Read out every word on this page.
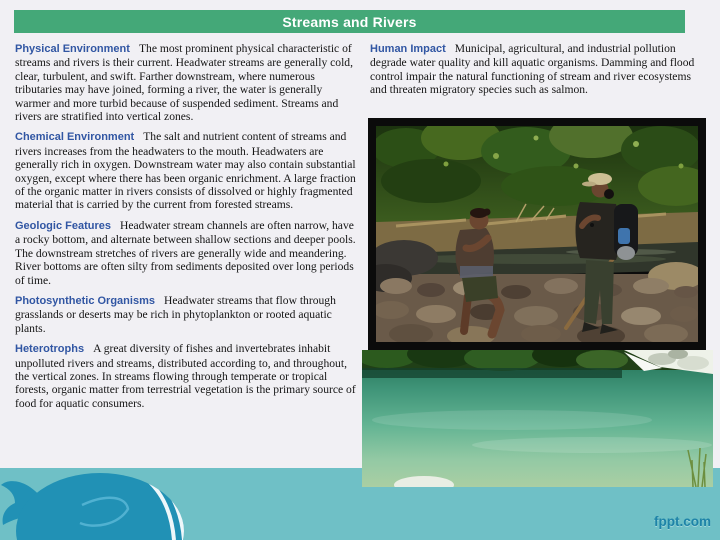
Streams and Rivers

Physical Environment The most prominent physical characteristic of streams and rivers is their current. Headwater streams are generally cold, clear, turbulent, and swift. Farther downstream, where numerous tributaries may have joined, forming a river, the water is generally warmer and more turbid because of suspended sediment. Streams and rivers are stratified into vertical zones.

Chemical Environment The salt and nutrient content of streams and rivers increases from the headwaters to the mouth. Headwaters are generally rich in oxygen. Downstream water may also contain substantial oxygen, except where there has been organic enrichment. A large fraction of the organic matter in rivers consists of dissolved or highly fragmented material that is carried by the current from forested streams.

Geologic Features Headwater stream channels are often narrow, have a rocky bottom, and alternate between shallow sections and deeper pools. The downstream stretches of rivers are generally wide and meandering. River bottoms are often silty from sediments deposited over long periods of time.

Photosynthetic Organisms Headwater streams that flow through grasslands or deserts may be rich in phytoplankton or rooted aquatic plants.

Heterotrophs A great diversity of fishes and invertebrates inhabit unpolluted rivers and streams, distributed according to, and throughout, the vertical zones. In streams flowing through temperate or tropical forests, organic matter from terrestrial vegetation is the primary source of food for aquatic consumers.

Human Impact Municipal, agricultural, and industrial pollution degrade water quality and kill aquatic organisms. Damming and flood control impair the natural functioning of stream and river ecosystems and threaten migratory species such as salmon.

fppt.com
